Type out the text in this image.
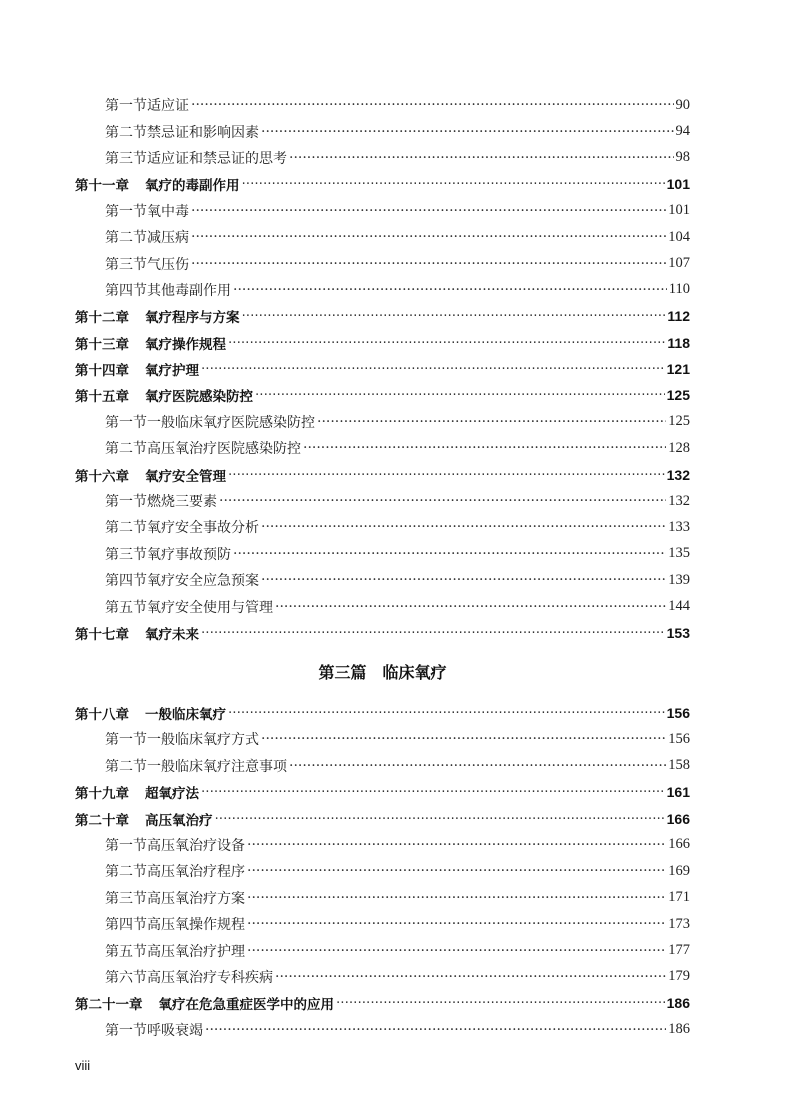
第一节 适应证 ·····	90
第二节 禁忌证和影响因素 ·····	94
第三节 适应证和禁忌证的思考 ·····	98
第十一章 氧疗的毒副作用 ·····	101
第一节 氧中毒 ·····	101
第二节 减压病 ·····	104
第三节 气压伤 ·····	107
第四节 其他毒副作用 ·····	110
第十二章 氧疗程序与方案 ·····	112
第十三章 氧疗操作规程 ·····	118
第十四章 氧疗护理 ·····	121
第十五章 氧疗医院感染防控 ·····	125
第一节 一般临床氧疗医院感染防控 ·····	125
第二节 高压氧治疗医院感染防控 ·····	128
第十六章 氧疗安全管理 ·····	132
第一节 燃烧三要素 ·····	132
第二节 氧疗安全事故分析 ·····	133
第三节 氧疗事故预防 ·····	135
第四节 氧疗安全应急预案 ·····	139
第五节 氧疗安全使用与管理 ·····	144
第十七章 氧疗未来 ·····	153
第三篇 临床氧疗
第十八章 一般临床氧疗 ·····	156
第一节 一般临床氧疗方式 ·····	156
第二节 一般临床氧疗注意事项 ·····	158
第十九章 超氧疗法 ·····	161
第二十章 高压氧治疗 ·····	166
第一节 高压氧治疗设备 ·····	166
第二节 高压氧治疗程序 ·····	169
第三节 高压氧治疗方案 ·····	171
第四节 高压氧操作规程 ·····	173
第五节 高压氧治疗护理 ·····	177
第六节 高压氧治疗专科疾病 ·····	179
第二十一章 氧疗在危急重症医学中的应用 ·····	186
第一节 呼吸衰竭 ·····	186
viii
